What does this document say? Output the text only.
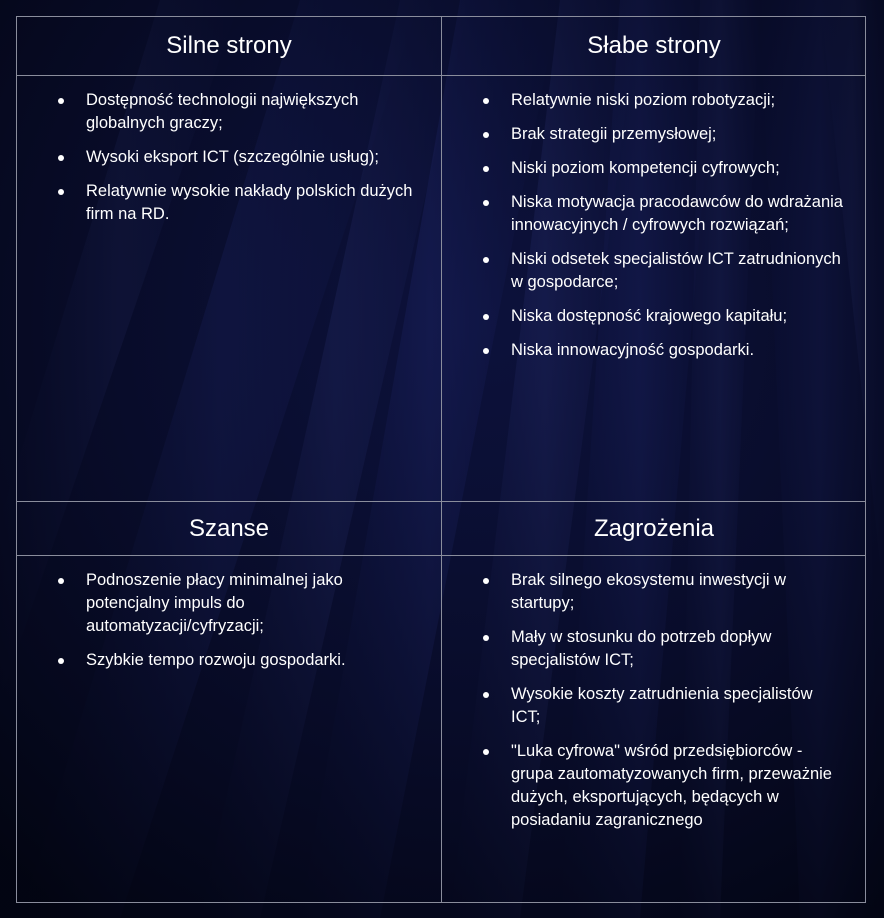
Silne strony
Dostępność technologii największych globalnych graczy;
Wysoki eksport ICT (szczególnie usług);
Relatywnie wysokie nakłady polskich dużych firm na RD.
Słabe strony
Relatywnie niski poziom robotyzacji;
Brak strategii przemysłowej;
Niski poziom kompetencji cyfrowych;
Niska motywacja pracodawców do wdrażania innowacyjnych / cyfrowych rozwiązań;
Niski odsetek specjalistów ICT zatrudnionych w gospodarce;
Niska dostępność krajowego kapitału;
Niska innowacyjność gospodarki.
Szanse
Podnoszenie płacy minimalnej jako potencjalny impuls do automatyzacji/cyfryzacji;
Szybkie tempo rozwoju gospodarki.
Zagrożenia
Brak silnego ekosystemu inwestycji w startupy;
Mały w stosunku do potrzeb dopływ specjalistów ICT;
Wysokie koszty zatrudnienia specjalistów ICT;
"Luka cyfrowa" wśród przedsiębiorców - grupa zautomatyzowanych firm, przeważnie dużych, eksportujących, będących w posiadaniu zagranicznego
